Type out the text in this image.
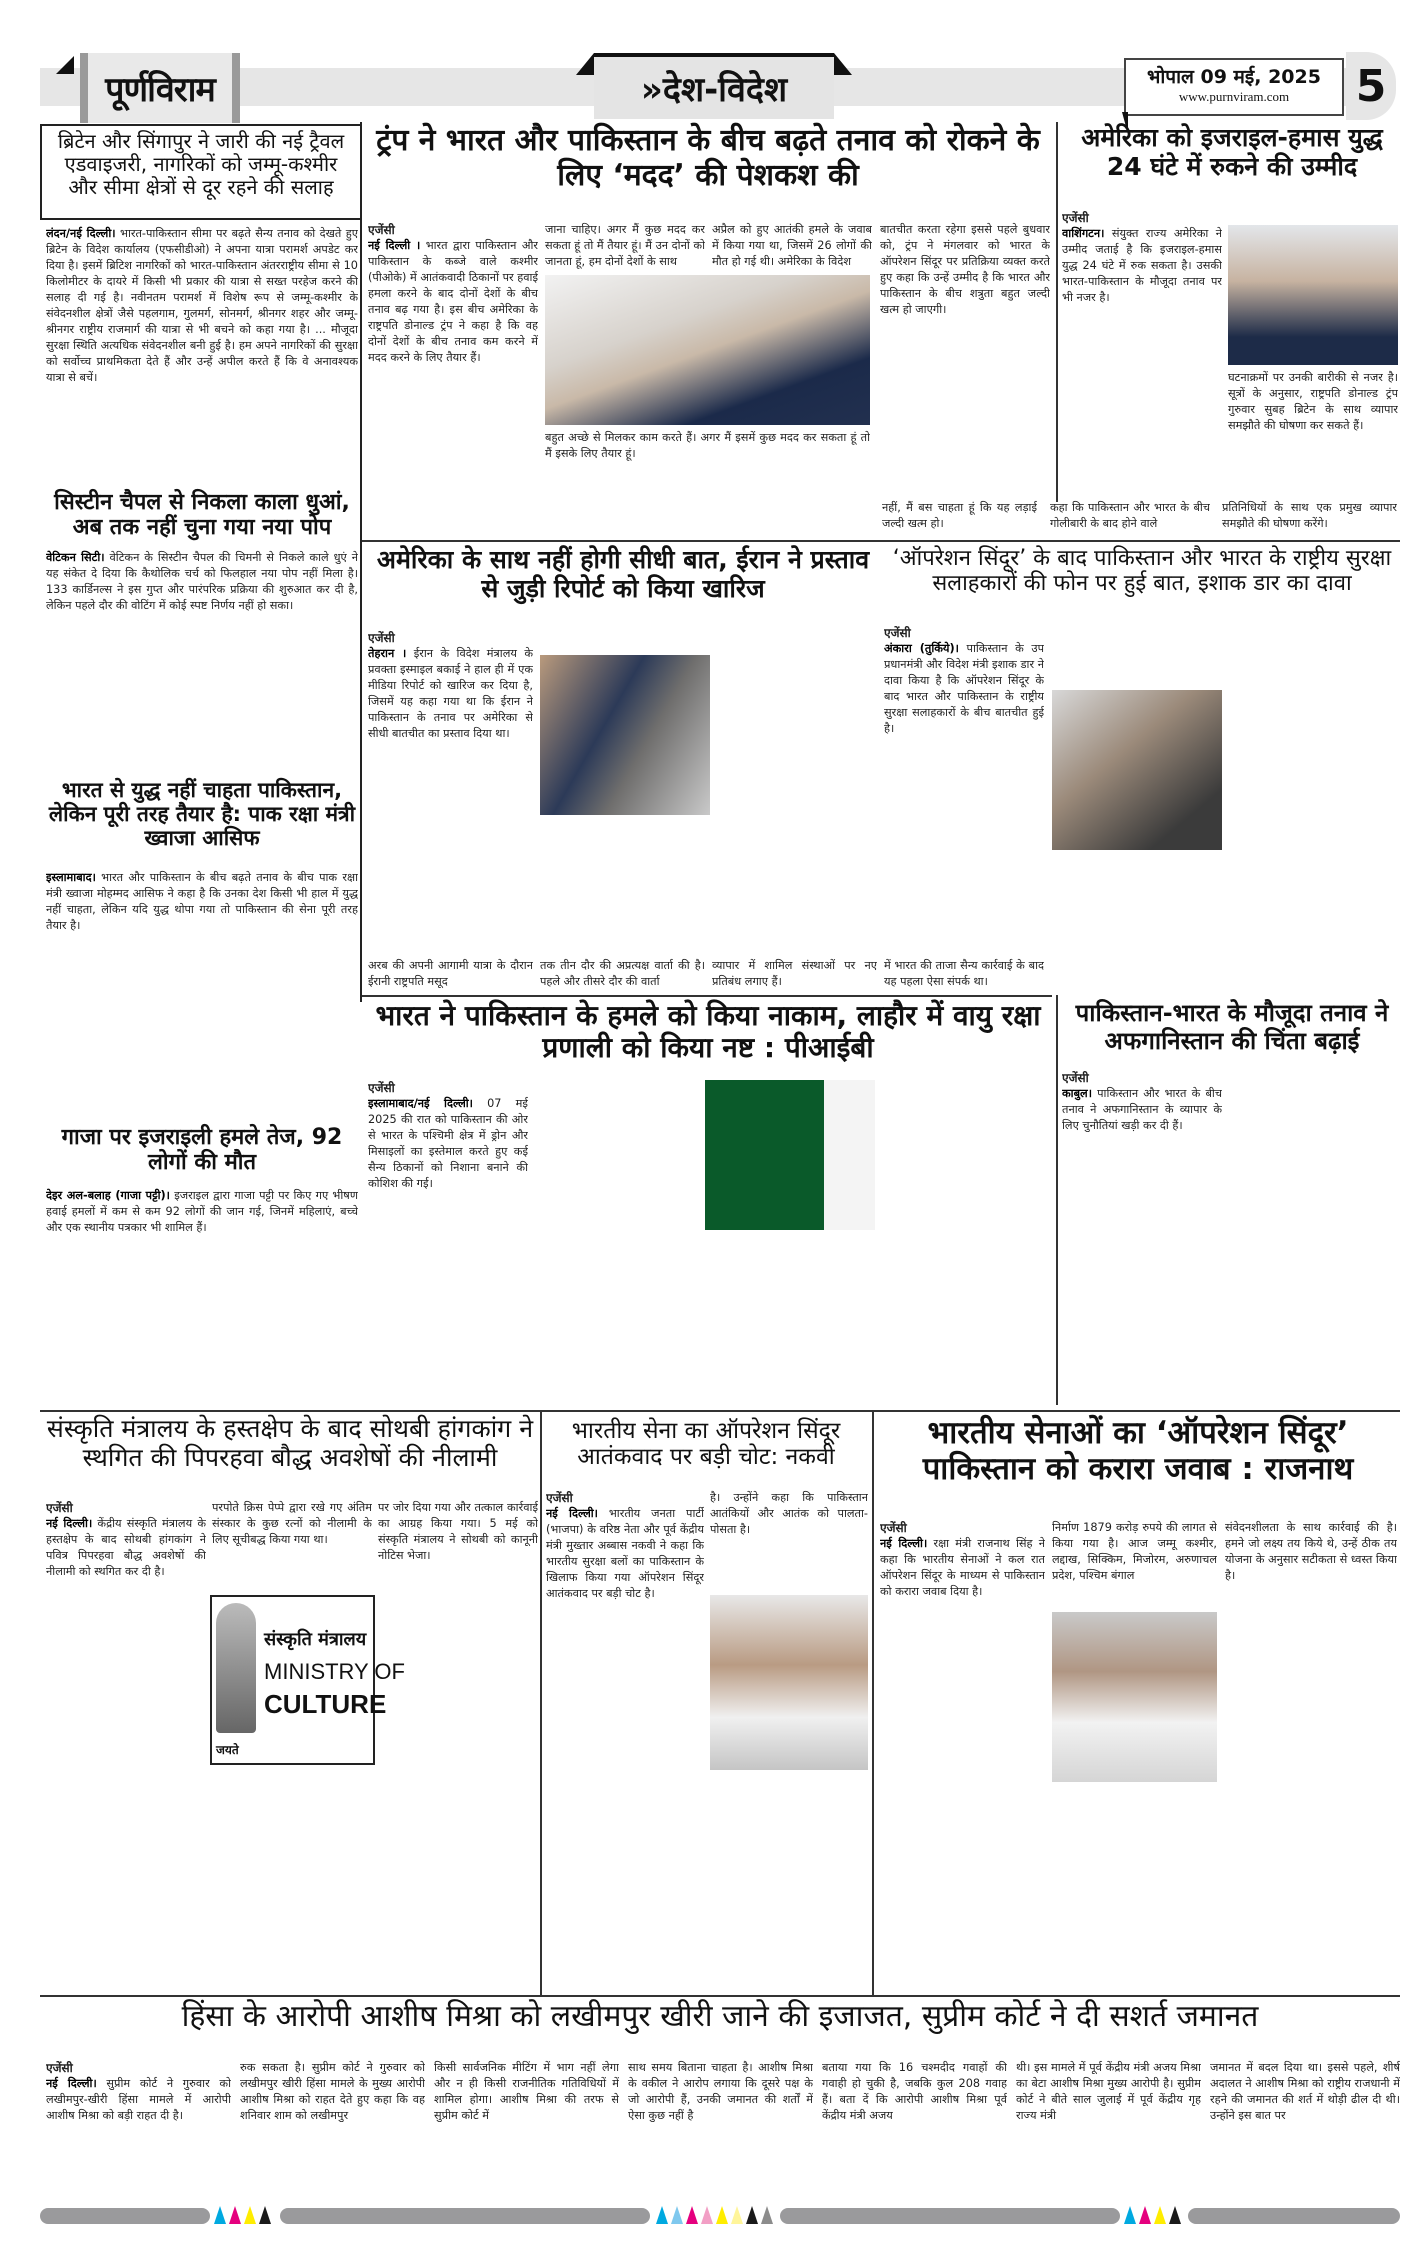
पूर्णविराम	»देश-विदेश	भोपाल 09 मई, 2025
www.purnviram.com	5
ब्रिटेन और सिंगापुर ने जारी की नई ट्रैवल एडवाइजरी, नागरिकों को जम्मू-कश्मीर और सीमा क्षेत्रों से दूर रहने की सलाह
लंदन/नई दिल्ली। भारत-पाकिस्तान सीमा पर बढ़ते सैन्य तनाव को देखते हुए ब्रिटेन के विदेश कार्यालय (एफसीडीओ) ने अपना यात्रा परामर्श अपडेट कर दिया है। इसमें ब्रिटिश नागरिकों को भारत-पाकिस्तान अंतरराष्ट्रीय सीमा से 10 किलोमीटर के दायरे में किसी भी प्रकार की यात्रा से सख्त परहेज करने की सलाह दी गई है। नवीनतम परामर्श में विशेष रूप से जम्मू-कश्मीर के संवेदनशील क्षेत्रों जैसे पहलगाम, गुलमर्ग, सोनमर्ग, श्रीनगर शहर और जम्मू-श्रीनगर राष्ट्रीय राजमार्ग की यात्रा से भी बचने को कहा गया है। ... मौजूदा सुरक्षा स्थिति अत्यधिक संवेदनशील बनी हुई है। हम अपने नागरिकों की सुरक्षा को सर्वोच्च प्राथमिकता देते हैं और उन्हें अपील करते हैं कि वे अनावश्यक यात्रा से बचें।
सिस्टीन चैपल से निकला काला धुआं, अब तक नहीं चुना गया नया पोप
वेटिकन सिटी। वेटिकन के सिस्टीन चैपल की चिमनी से निकले काले धुएं ने यह संकेत दे दिया कि कैथोलिक चर्च को फिलहाल नया पोप नहीं मिला है। 133 कार्डिनल्स ने इस गुप्त और पारंपरिक प्रक्रिया की शुरुआत कर दी है, लेकिन पहले दौर की वोटिंग में कोई स्पष्ट निर्णय नहीं हो सका।
भारत से युद्ध नहीं चाहता पाकिस्तान, लेकिन पूरी तरह तैयार है: पाक रक्षा मंत्री ख्वाजा आसिफ
इस्लामाबाद। भारत और पाकिस्तान के बीच बढ़ते तनाव के बीच पाक रक्षा मंत्री ख्वाजा मोहम्मद आसिफ ने कहा है कि उनका देश किसी भी हाल में युद्ध नहीं चाहता, लेकिन यदि युद्ध थोपा गया तो पाकिस्तान की सेना पूरी तरह तैयार है।
गाजा पर इजराइली हमले तेज, 92 लोगों की मौत
देइर अल-बलाह (गाजा पट्टी)। इजराइल द्वारा गाजा पट्टी पर किए गए भीषण हवाई हमलों में कम से कम 92 लोगों की जान गई, जिनमें महिलाएं, बच्चे और एक स्थानीय पत्रकार भी शामिल हैं।
ट्रंप ने भारत और पाकिस्तान के बीच बढ़ते तनाव को रोकने के लिए ‘मदद’ की पेशकश की
एजेंसी
नई दिल्ली । भारत द्वारा पाकिस्तान और पाकिस्तान के कब्जे वाले कश्मीर (पीओके) में आतंकवादी ठिकानों पर हवाई हमला करने के बाद दोनों देशों के बीच तनाव बढ़ गया है। इस बीच अमेरिका के राष्ट्रपति डोनाल्ड ट्रंप ने कहा है कि वह दोनों देशों के बीच तनाव कम करने में मदद करने के लिए तैयार हैं।
जाना चाहिए। अगर मैं कुछ मदद कर सकता हूं तो मैं तैयार हूं। मैं उन दोनों को जानता हूं, हम दोनों देशों के साथ
अप्रैल को हुए आतंकी हमले के जवाब में किया गया था, जिसमें 26 लोगों की मौत हो गई थी। अमेरिका के विदेश
बहुत अच्छे से मिलकर काम करते हैं। अगर मैं इसमें कुछ मदद कर सकता हूं तो मैं इसके लिए तैयार हूं।
बातचीत करता रहेगा इससे पहले बुधवार को, ट्रंप ने मंगलवार को भारत के ऑपरेशन सिंदूर पर प्रतिक्रिया व्यक्त करते हुए कहा कि उन्हें उम्मीद है कि भारत और पाकिस्तान के बीच शत्रुता बहुत जल्दी खत्म हो जाएगी।
अमेरिका को इजराइल-हमास युद्ध 24 घंटे में रुकने की उम्मीद
एजेंसी
वाशिंगटन। संयुक्त राज्य अमेरिका ने उम्मीद जताई है कि इजराइल-हमास युद्ध 24 घंटे में रुक सकता है। उसकी भारत-पाकिस्तान के मौजूदा तनाव पर भी नजर है।
घटनाक्रमों पर उनकी बारीकी से नजर है। सूत्रों के अनुसार, राष्ट्रपति डोनाल्ड ट्रंप गुरुवार सुबह ब्रिटेन के साथ व्यापार समझौते की घोषणा कर सकते हैं।
अमेरिका के साथ नहीं होगी सीधी बात, ईरान ने प्रस्ताव से जुड़ी रिपोर्ट को किया खारिज
एजेंसी
तेहरान । ईरान के विदेश मंत्रालय के प्रवक्ता इस्माइल बकाई ने हाल ही में एक मीडिया रिपोर्ट को खारिज कर दिया है, जिसमें यह कहा गया था कि ईरान ने पाकिस्तान के तनाव पर अमेरिका से सीधी बातचीत का प्रस्ताव दिया था।
अरब की अपनी आगामी यात्रा के दौरान ईरानी राष्ट्रपति मसूद
तक तीन दौर की अप्रत्यक्ष वार्ता की है। पहले और तीसरे दौर की वार्ता
व्यापार में शामिल संस्थाओं पर नए प्रतिबंध लगाए हैं।
नहीं, मैं बस चाहता हूं कि यह लड़ाई जल्दी खत्म हो।
कहा कि पाकिस्तान और भारत के बीच गोलीबारी के बाद होने वाले
प्रतिनिधियों के साथ एक प्रमुख व्यापार समझौते की घोषणा करेंगे।
‘ऑपरेशन सिंदूर’ के बाद पाकिस्तान और भारत के राष्ट्रीय सुरक्षा सलाहकारों की फोन पर हुई बात, इशाक डार का दावा
एजेंसी
अंकारा (तुर्किये)। पाकिस्तान के उप प्रधानमंत्री और विदेश मंत्री इशाक डार ने दावा किया है कि ऑपरेशन सिंदूर के बाद भारत और पाकिस्तान के राष्ट्रीय सुरक्षा सलाहकारों के बीच बातचीत हुई है।
में भारत की ताजा सैन्य कार्रवाई के बाद यह पहला ऐसा संपर्क था।
भारत ने पाकिस्तान के हमले को किया नाकाम, लाहौर में वायु रक्षा प्रणाली को किया नष्ट : पीआईबी
एजेंसी
इस्लामाबाद/नई दिल्ली। 07 मई 2025 की रात को पाकिस्तान की ओर से भारत के पश्चिमी क्षेत्र में ड्रोन और मिसाइलों का इस्तेमाल करते हुए कई सैन्य ठिकानों को निशाना बनाने की कोशिश की गई।
पाकिस्तान-भारत के मौजूदा तनाव ने अफगानिस्तान की चिंता बढ़ाई
एजेंसी
काबुल। पाकिस्तान और भारत के बीच तनाव ने अफगानिस्तान के व्यापार के लिए चुनौतियां खड़ी कर दी हैं।
संस्कृति मंत्रालय के हस्तक्षेप के बाद सोथबी हांगकांग ने स्थगित की पिपरहवा बौद्ध अवशेषों की नीलामी
एजेंसी
नई दिल्ली। केंद्रीय संस्कृति मंत्रालय के हस्तक्षेप के बाद सोथबी हांगकांग ने पवित्र पिपरहवा बौद्ध अवशेषों की नीलामी को स्थगित कर दी है।
परपोते क्रिस पेप्पे द्वारा रखे गए अंतिम संस्कार के कुछ रत्नों को नीलामी के लिए सूचीबद्ध किया गया था।
पर जोर दिया गया और तत्काल कार्रवाई का आग्रह किया गया। 5 मई को संस्कृति मंत्रालय ने सोथबी को कानूनी नोटिस भेजा।
जयते
संस्कृति मंत्रालय
MINISTRY OF
CULTURE
भारतीय सेना का ऑपरेशन सिंदूर आतंकवाद पर बड़ी चोट: नकवी
एजेंसी
नई दिल्ली। भारतीय जनता पार्टी (भाजपा) के वरिष्ठ नेता और पूर्व केंद्रीय मंत्री मुख्तार अब्बास नकवी ने कहा कि भारतीय सुरक्षा बलों का पाकिस्तान के खिलाफ किया गया ऑपरेशन सिंदूर आतंकवाद पर बड़ी चोट है।
है। उन्होंने कहा कि पाकिस्तान आतंकियों और आतंक को पालता-पोसता है।
भारतीय सेनाओं का ‘ऑपरेशन सिंदूर’ पाकिस्तान को करारा जवाब : राजनाथ
एजेंसी
नई दिल्ली। रक्षा मंत्री राजनाथ सिंह ने कहा कि भारतीय सेनाओं ने कल रात ऑपरेशन सिंदूर के माध्यम से पाकिस्तान को करारा जवाब दिया है।
निर्माण 1879 करोड़ रुपये की लागत से किया गया है। आज जम्मू कश्मीर, लद्दाख, सिक्किम, मिजोरम, अरुणाचल प्रदेश, पश्चिम बंगाल
संवेदनशीलता के साथ कार्रवाई की है। हमने जो लक्ष्य तय किये थे, उन्हें ठीक तय योजना के अनुसार सटीकता से ध्वस्त किया है।
हिंसा के आरोपी आशीष मिश्रा को लखीमपुर खीरी जाने की इजाजत, सुप्रीम कोर्ट ने दी सशर्त जमानत
एजेंसी
नई दिल्ली। सुप्रीम कोर्ट ने गुरुवार को लखीमपुर-खीरी हिंसा मामले में आरोपी आशीष मिश्रा को बड़ी राहत दी है।
रुक सकता है। सुप्रीम कोर्ट ने गुरुवार को लखीमपुर खीरी हिंसा मामले के मुख्य आरोपी आशीष मिश्रा को राहत देते हुए कहा कि वह शनिवार शाम को लखीमपुर
किसी सार्वजनिक मीटिंग में भाग नहीं लेगा और न ही किसी राजनीतिक गतिविधियों में शामिल होगा। आशीष मिश्रा की तरफ से सुप्रीम कोर्ट में
साथ समय बिताना चाहता है। आशीष मिश्रा के वकील ने आरोप लगाया कि दूसरे पक्ष के जो आरोपी हैं, उनकी जमानत की शर्तों में ऐसा कुछ नहीं है
बताया गया कि 16 चश्मदीद गवाहों की गवाही हो चुकी है, जबकि कुल 208 गवाह हैं। बता दें कि आरोपी आशीष मिश्रा पूर्व केंद्रीय मंत्री अजय
थी। इस मामले में पूर्व केंद्रीय मंत्री अजय मिश्रा का बेटा आशीष मिश्रा मुख्य आरोपी है। सुप्रीम कोर्ट ने बीते साल जुलाई में पूर्व केंद्रीय गृह राज्य मंत्री
जमानत में बदल दिया था। इससे पहले, शीर्ष अदालत ने आशीष मिश्रा को राष्ट्रीय राजधानी में रहने की जमानत की शर्त में थोड़ी ढील दी थी। उन्होंने इस बात पर
